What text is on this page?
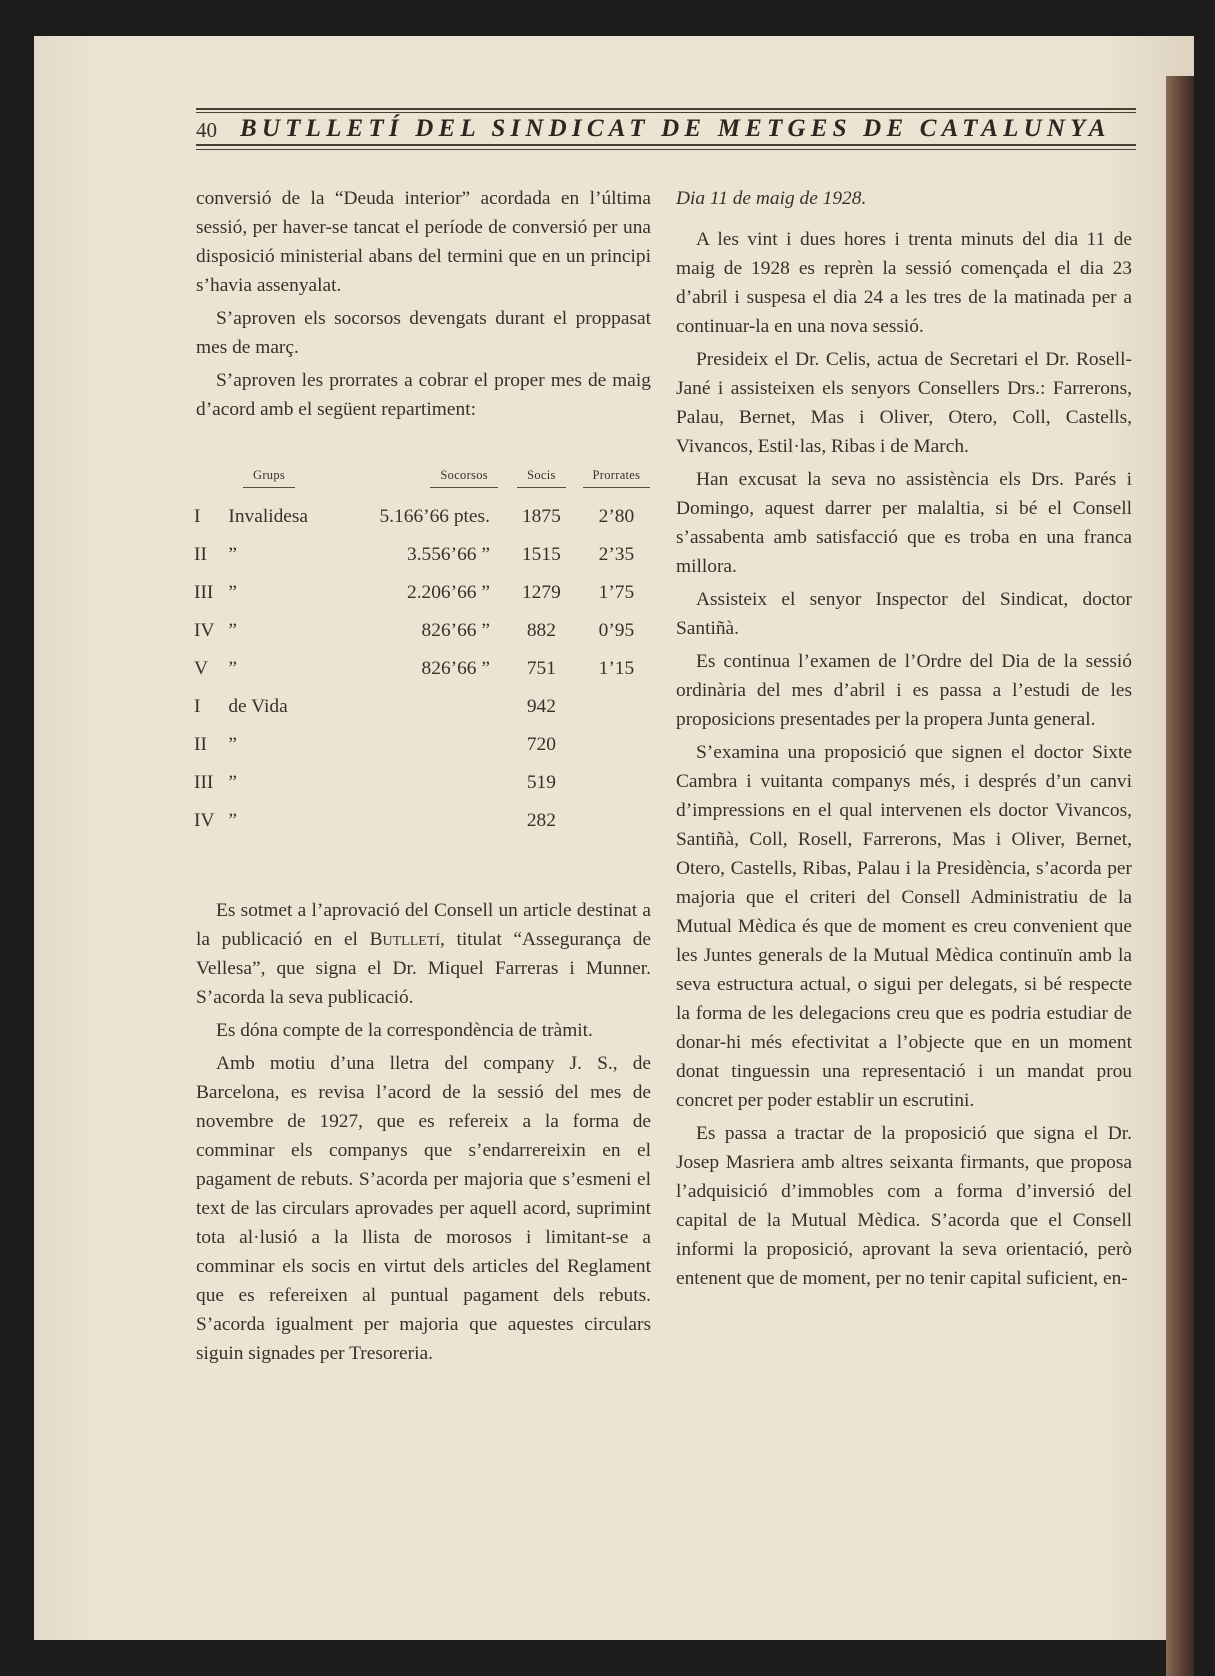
40 BUTLLETÍ DEL SINDICAT DE METGES DE CATALUNYA

conversió de la “Deuda interior” acordada en l’última sessió, per haver-se tancat el període de conversió per una disposició ministerial abans del termini que en un principi s’havia assenyalat.

S’aproven els socorsos devengats durant el proppasat mes de març.

S’aproven les prorrates a cobrar el proper mes de maig d’acord amb el següent repartiment:

Grups		Socorsos	Socis	Prorrates
I	Invalidesa	5.166’66 ptes.	1875	2’80
II	”	3.556’66 ”	1515	2’35
III	”	2.206’66 ”	1279	1’75
IV	”	826’66 ”	882	0’95
V	”	826’66 ”	751	1’15
I	de Vida		942	
II	”		720	
III	”		519	
IV	”		282	

Es sotmet a l’aprovació del Consell un article destinat a la publicació en el Butlletí, titulat “Assegurança de Vellesa”, que signa el Dr. Miquel Farreras i Munner. S’acorda la seva publicació.

Es dóna compte de la correspondència de tràmit.

Amb motiu d’una lletra del company J. S., de Barcelona, es revisa l’acord de la sessió del mes de novembre de 1927, que es refereix a la forma de comminar els companys que s’endarrereixin en el pagament de rebuts. S’acorda per majoria que s’esmeni el text de las circulars aprovades per aquell acord, suprimint tota al·lusió a la llista de morosos i limitant-se a comminar els socis en virtut dels articles del Reglament que es refereixen al puntual pagament dels rebuts. S’acorda igualment per majoria que aquestes circulars siguin signades per Tresoreria.

Dia 11 de maig de 1928.

A les vint i dues hores i trenta minuts del dia 11 de maig de 1928 es reprèn la sessió començada el dia 23 d’abril i suspesa el dia 24 a les tres de la matinada per a continuar-la en una nova sessió.

Presideix el Dr. Celis, actua de Secretari el Dr. Rosell-Jané i assisteixen els senyors Consellers Drs.: Farrerons, Palau, Bernet, Mas i Oliver, Otero, Coll, Castells, Vivancos, Estil·las, Ribas i de March.

Han excusat la seva no assistència els Drs. Parés i Domingo, aquest darrer per malaltia, si bé el Consell s’assabenta amb satisfacció que es troba en una franca millora.

Assisteix el senyor Inspector del Sindicat, doctor Santiñà.

Es continua l’examen de l’Ordre del Dia de la sessió ordinària del mes d’abril i es passa a l’estudi de les proposicions presentades per la propera Junta general.

S’examina una proposició que signen el doctor Sixte Cambra i vuitanta companys més, i després d’un canvi d’impressions en el qual intervenen els doctor Vivancos, Santiñà, Coll, Rosell, Farrerons, Mas i Oliver, Bernet, Otero, Castells, Ribas, Palau i la Presidència, s’acorda per majoria que el criteri del Consell Administratiu de la Mutual Mèdica és que de moment es creu convenient que les Juntes generals de la Mutual Mèdica continuïn amb la seva estructura actual, o sigui per delegats, si bé respecte la forma de les delegacions creu que es podria estudiar de donar-hi més efectivitat a l’objecte que en un moment donat tinguessin una representació i un mandat prou concret per poder establir un escrutini.

Es passa a tractar de la proposició que signa el Dr. Josep Masriera amb altres seixanta firmants, que proposa l’adquisició d’immobles com a forma d’inversió del capital de la Mutual Mèdica. S’acorda que el Consell informi la proposició, aprovant la seva orientació, però entenent que de moment, per no tenir capital suficient, en-
